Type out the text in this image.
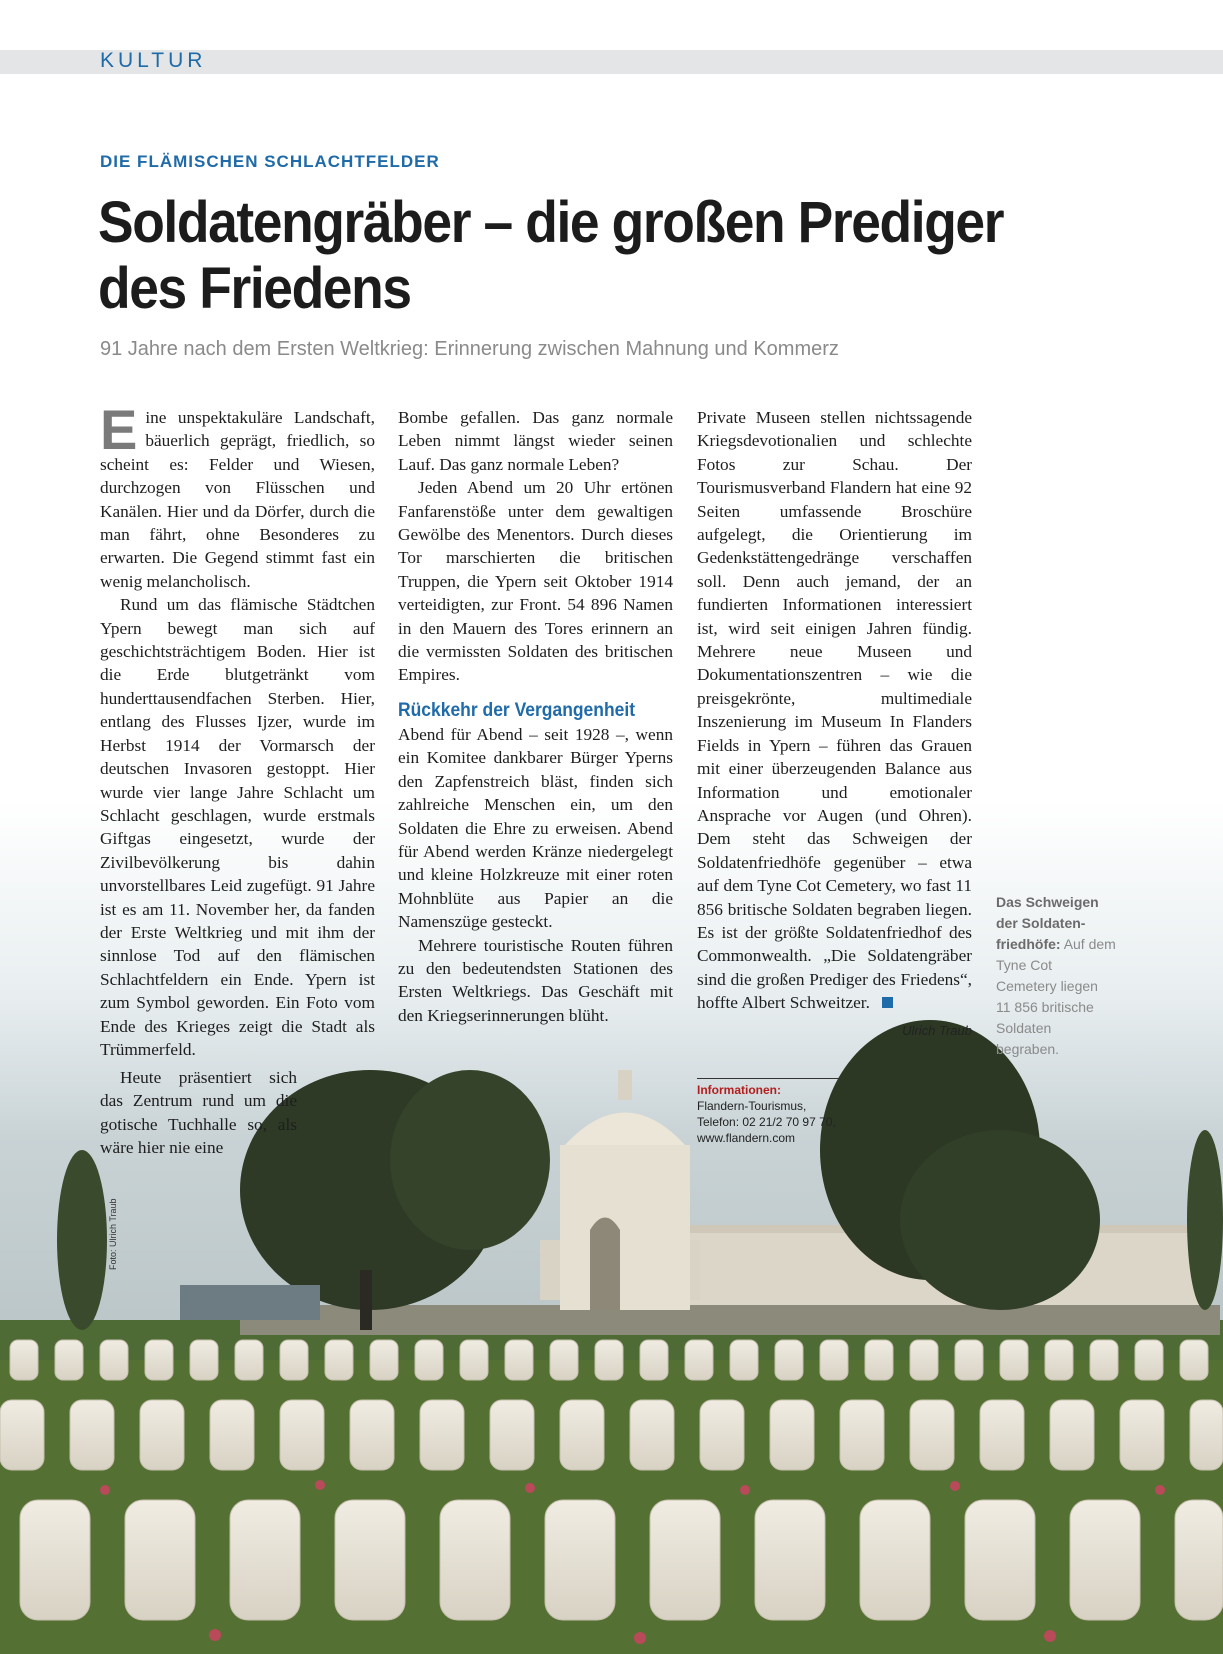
KULTUR
DIE FLÄMISCHEN SCHLACHTFELDER
Soldatengräber – die großen Prediger
des Friedens
91 Jahre nach dem Ersten Weltkrieg: Erinnerung zwischen Mahnung und Kommerz
Foto: Ulrich Traub

Eine unspektakuläre Landschaft, bäuerlich geprägt, friedlich, so scheint es: Felder und Wiesen, durchzogen von Flüsschen und Kanälen. Hier und da Dörfer, durch die man fährt, ohne Besonderes zu erwarten. Die Gegend stimmt fast ein wenig melancholisch.

Rund um das flämische Städtchen Ypern bewegt man sich auf geschichtsträchtigem Boden. Hier ist die Erde blutgetränkt vom hunderttausendfachen Sterben. Hier, entlang des Flusses Ijzer, wurde im Herbst 1914 der Vormarsch der deutschen Invasoren gestoppt. Hier wurde vier lange Jahre Schlacht um Schlacht geschlagen, wurde erstmals Giftgas eingesetzt, wurde der Zivilbevölkerung bis dahin unvorstellbares Leid zugefügt. 91 Jahre ist es am 11. November her, da fanden der Erste Weltkrieg und mit ihm der sinnlose Tod auf den flämischen Schlachtfeldern ein Ende. Ypern ist zum Symbol geworden. Ein Foto vom Ende des Krieges zeigt die Stadt als Trümmerfeld.

Heute präsentiert sich das Zentrum rund um die gotische Tuchhalle so, als wäre hier nie eine

Bombe gefallen. Das ganz normale Leben nimmt längst wieder seinen Lauf. Das ganz normale Leben?

Jeden Abend um 20 Uhr ertönen Fanfarenstöße unter dem gewaltigen Gewölbe des Menentors. Durch dieses Tor marschierten die britischen Truppen, die Ypern seit Oktober 1914 verteidigten, zur Front. 54 896 Namen in den Mauern des Tores erinnern an die vermissten Soldaten des britischen Empires.

Rückkehr der Vergangenheit

Abend für Abend – seit 1928 –, wenn ein Komitee dankbarer Bürger Yperns den Zapfenstreich bläst, finden sich zahlreiche Menschen ein, um den Soldaten die Ehre zu erweisen. Abend für Abend werden Kränze niedergelegt und kleine Holzkreuze mit einer roten Mohnblüte aus Papier an die Namenszüge gesteckt.

Mehrere touristische Routen führen zu den bedeutendsten Stationen des Ersten Weltkriegs. Das Geschäft mit den Kriegserinnerungen blüht.

Private Museen stellen nichtssagende Kriegsdevotionalien und schlechte Fotos zur Schau. Der Tourismusverband Flandern hat eine 92 Seiten umfassende Broschüre aufgelegt, die Orientierung im Gedenkstättengedränge verschaffen soll. Denn auch jemand, der an fundierten Informationen interessiert ist, wird seit einigen Jahren fündig. Mehrere neue Museen und Dokumentationszentren – wie die preisgekrönte, multimediale Inszenierung im Museum In Flanders Fields in Ypern – führen das Grauen mit einer überzeugenden Balance aus Information und emotionaler Ansprache vor Augen (und Ohren). Dem steht das Schweigen der Soldatenfriedhöfe gegenüber – etwa auf dem Tyne Cot Cemetery, wo fast 11 856 britische Soldaten begraben liegen. Es ist der größte Soldatenfriedhof des Commonwealth. „Die Soldatengräber sind die großen Prediger des Friedens“, hoffte Albert Schweitzer.

Ulrich Traub
Informationen:
Flandern-Tourismus,
Telefon: 02 21/2 70 97 70,
www.flandern.com
Das Schweigen der Soldaten-friedhöfe: Auf dem Tyne Cot Cemetery liegen 11 856 britische Soldaten begraben.
